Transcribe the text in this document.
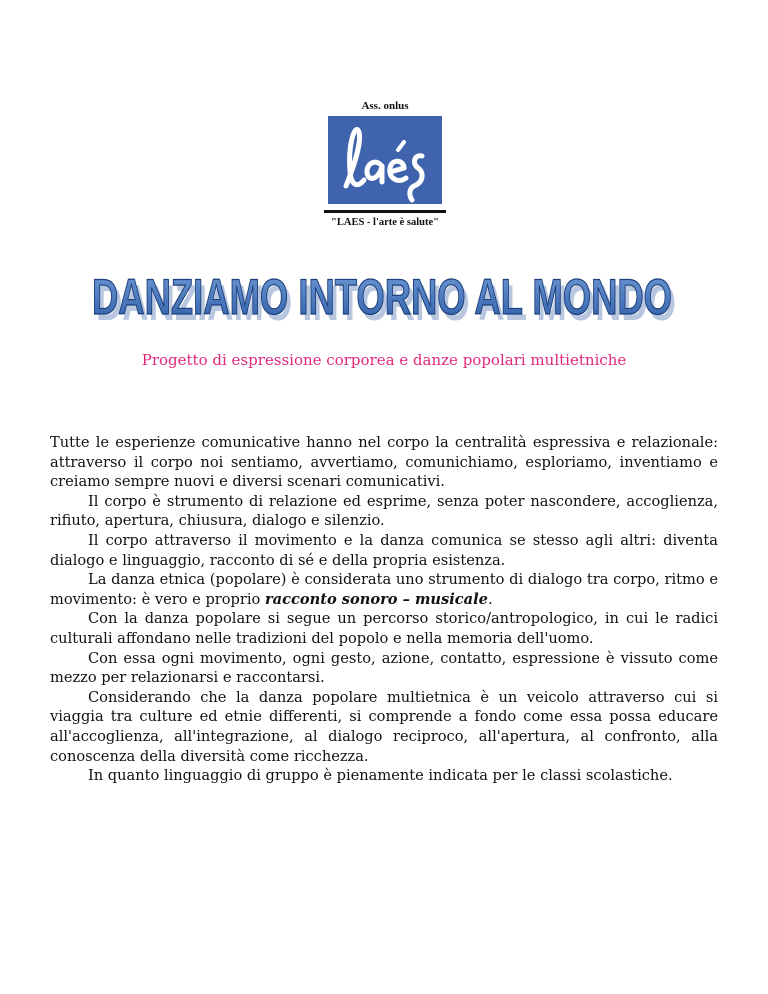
Ass. onlus
"LAES - l'arte è salute"
DANZIAMO INTORNO AL MONDO
DANZIAMO INTORNO AL MONDO
Progetto di espressione corporea e danze popolari multietniche

Tutte le esperienze comunicative hanno nel corpo la centralità espressiva e relazionale: attraverso il corpo noi sentiamo, avvertiamo, comunichiamo, esploriamo, inventiamo e creiamo sempre nuovi e diversi scenari comunicativi.

Il corpo è strumento di relazione ed esprime, senza poter nascondere, accoglienza, rifiuto, apertura, chiusura, dialogo e silenzio.

Il corpo attraverso il movimento e la danza comunica se stesso agli altri: diventa dialogo e linguaggio, racconto di sé e della propria esistenza.

La danza etnica (popolare) è considerata uno strumento di dialogo tra corpo, ritmo e movimento: è vero e proprio racconto sonoro – musicale.

Con la danza popolare si segue un percorso storico/antropologico, in cui le radici culturali affondano nelle tradizioni del popolo e nella memoria dell'uomo.

Con essa ogni movimento, ogni gesto, azione, contatto, espressione è vissuto come mezzo per relazionarsi e raccontarsi.

Considerando che la danza popolare multietnica è un veicolo attraverso cui si viaggia tra culture ed etnie differenti, si comprende a fondo come essa possa educare all'accoglienza, all'integrazione, al dialogo reciproco, all'apertura, al confronto, alla conoscenza della diversità come ricchezza.

In quanto linguaggio di gruppo è pienamente indicata per le classi scolastiche.
